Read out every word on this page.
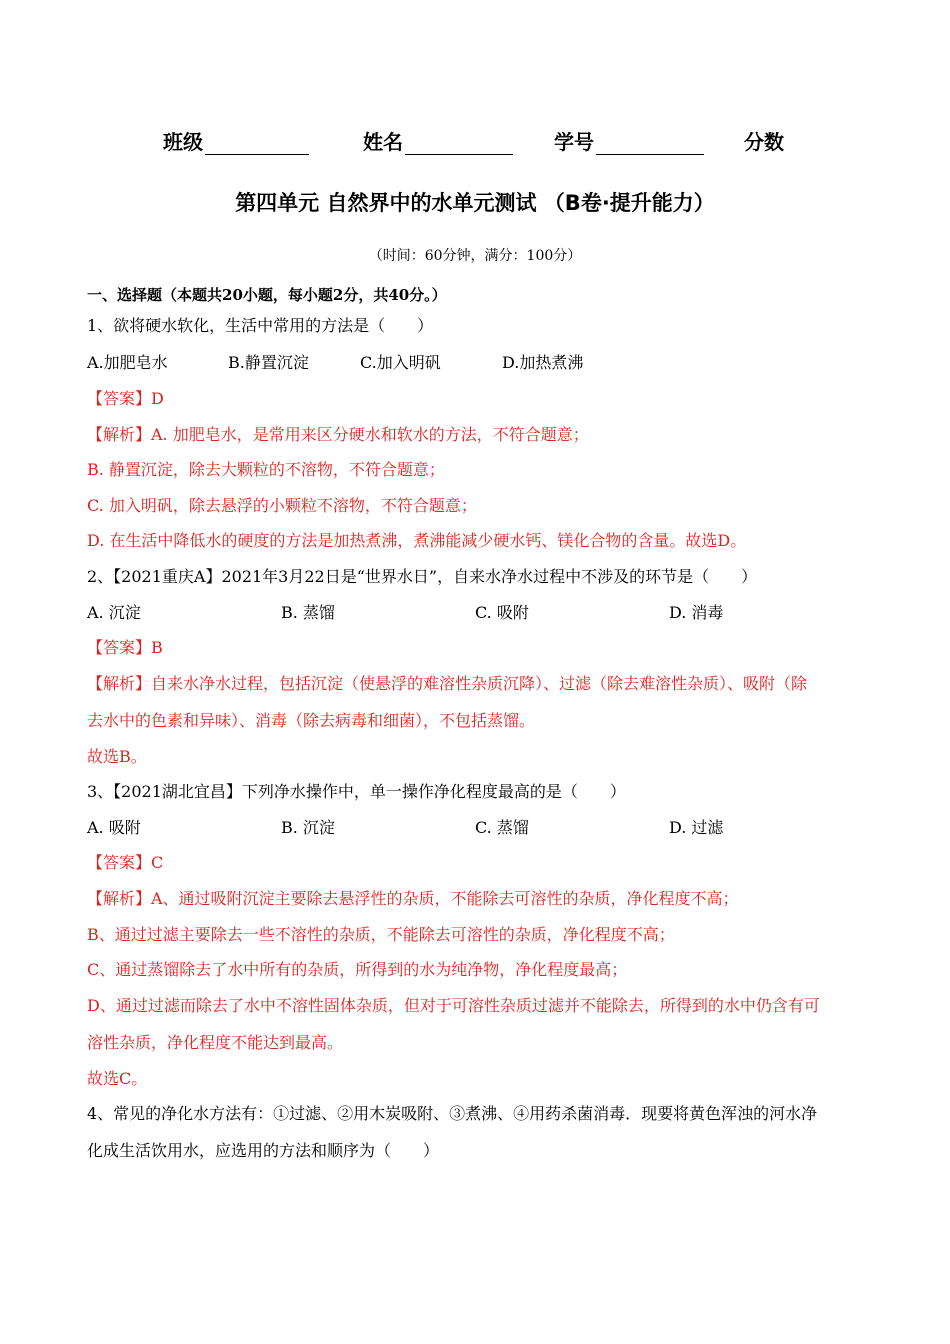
班级	姓名	学号	分数
第四单元 自然界中的水单元测试 （B卷·提升能力）
（时间：60分钟，满分：100分）
一、选择题（本题共20小题，每小题2分，共40分。）
1、欲将硬水软化，生活中常用的方法是（　　）
A.加肥皂水	B.静置沉淀	C.加入明矾	D.加热煮沸
【答案】D
【解析】A. 加肥皂水，是常用来区分硬水和软水的方法，不符合题意；
B. 静置沉淀，除去大颗粒的不溶物，不符合题意；
C. 加入明矾，除去悬浮的小颗粒不溶物，不符合题意；
D. 在生活中降低水的硬度的方法是加热煮沸，煮沸能减少硬水钙、镁化合物的含量。故选D。
2、【2021重庆A】2021年3月22日是“世界水日”，自来水净水过程中不涉及的环节是（　　）
A. 沉淀	B. 蒸馏	C. 吸附	D. 消毒
【答案】B
【解析】自来水净水过程，包括沉淀（使悬浮的难溶性杂质沉降）、过滤（除去难溶性杂质）、吸附（除
去水中的色素和异味）、消毒（除去病毒和细菌），不包括蒸馏。
故选B。
3、【2021湖北宜昌】下列净水操作中，单一操作净化程度最高的是（　　）
A. 吸附	B. 沉淀	C. 蒸馏	D. 过滤
【答案】C
【解析】A、通过吸附沉淀主要除去悬浮性的杂质，不能除去可溶性的杂质，净化程度不高；
B、通过过滤主要除去一些不溶性的杂质，不能除去可溶性的杂质，净化程度不高；
C、通过蒸馏除去了水中所有的杂质，所得到的水为纯净物，净化程度最高；
D、通过过滤而除去了水中不溶性固体杂质，但对于可溶性杂质过滤并不能除去，所得到的水中仍含有可
溶性杂质，净化程度不能达到最高。
故选C。
4、常见的净化水方法有：①过滤、②用木炭吸附、③煮沸、④用药杀菌消毒．现要将黄色浑浊的河水净
化成生活饮用水，应选用的方法和顺序为（　　）
